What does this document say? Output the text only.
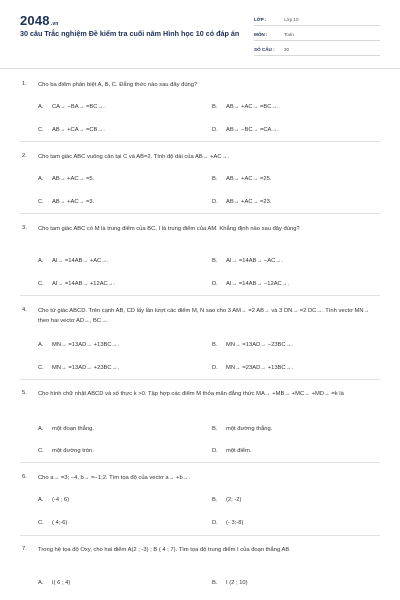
2048.vn
30 câu Trắc nghiệm Đề kiểm tra cuối năm Hình học 10 có đáp án
LỚP :	Lớp 10
MÔN :	Toán
SỐ CÂU : 30
1. Cho ba điểm phân biệt A, B, C. Đẳng thức nào sau đây đúng?
A. CA→ −BA→ =BC→.	B. AB→ +AC→ =BC→.
C. AB→ +CA→ =CB→.	D. AB→ −BC→ =CA→.
2. Cho tam giác ABC vuông cân tại C và AB=2. Tính độ dài của AB→ +AC→.
A. AB→ +AC→ =5.	B. AB→ +AC→ =25.
C. AB→ +AC→ =3.	D. AB→ +AC→ =23.
3. Cho tam giác ABC có M là trung điểm của BC, I là trung điểm của AM. Khẳng định nào sau đây đúng?
A. AI→ =14AB→ +AC→.	B. AI→ =14AB→ −AC→.
C. AI→ =14AB→ +12AC→.	D. AI→ =14AB→ −12AC→.
4. Cho tứ giác ABCD. Trên cạnh AB, CD lấy lần lượt các điểm M, N sao cho 3 AM→ =2 AB→ và 3 DN→ =2 DC→. Tính vectơ MN→ theo hai vectơ AD→, BC→.
A. MN→ =13AD→ +13BC→.	B. MN→ =13AD→ −23BC→.
C. MN→ =13AD→ +23BC→.	D. MN→ =23AD→ +13BC→.
5. Cho hình chữ nhật ABCD và số thực k >0. Tập hợp các điểm M thỏa mãn đẳng thức MA→ +MB→ +MC→ +MD→ =k là
A. một đoạn thẳng.	B. một đường thẳng.
C. một đường tròn.	D. một điểm.
6. Cho a→ =3; −4, b→ =−1;2. Tìm tọa độ của vectơ a→ +b→.
A. (-4 ; 6)	B. (2; -2)
C. ( 4;-6)	D. (- 3;-8)
7. Trong hệ tọa độ Oxy, cho hai điểm A(2 ; -3) ; B ( 4 ; 7). Tìm tọa độ trung điểm I của đoạn thẳng AB
A. I( 6 ; 4)	B. I (2 ; 10)
